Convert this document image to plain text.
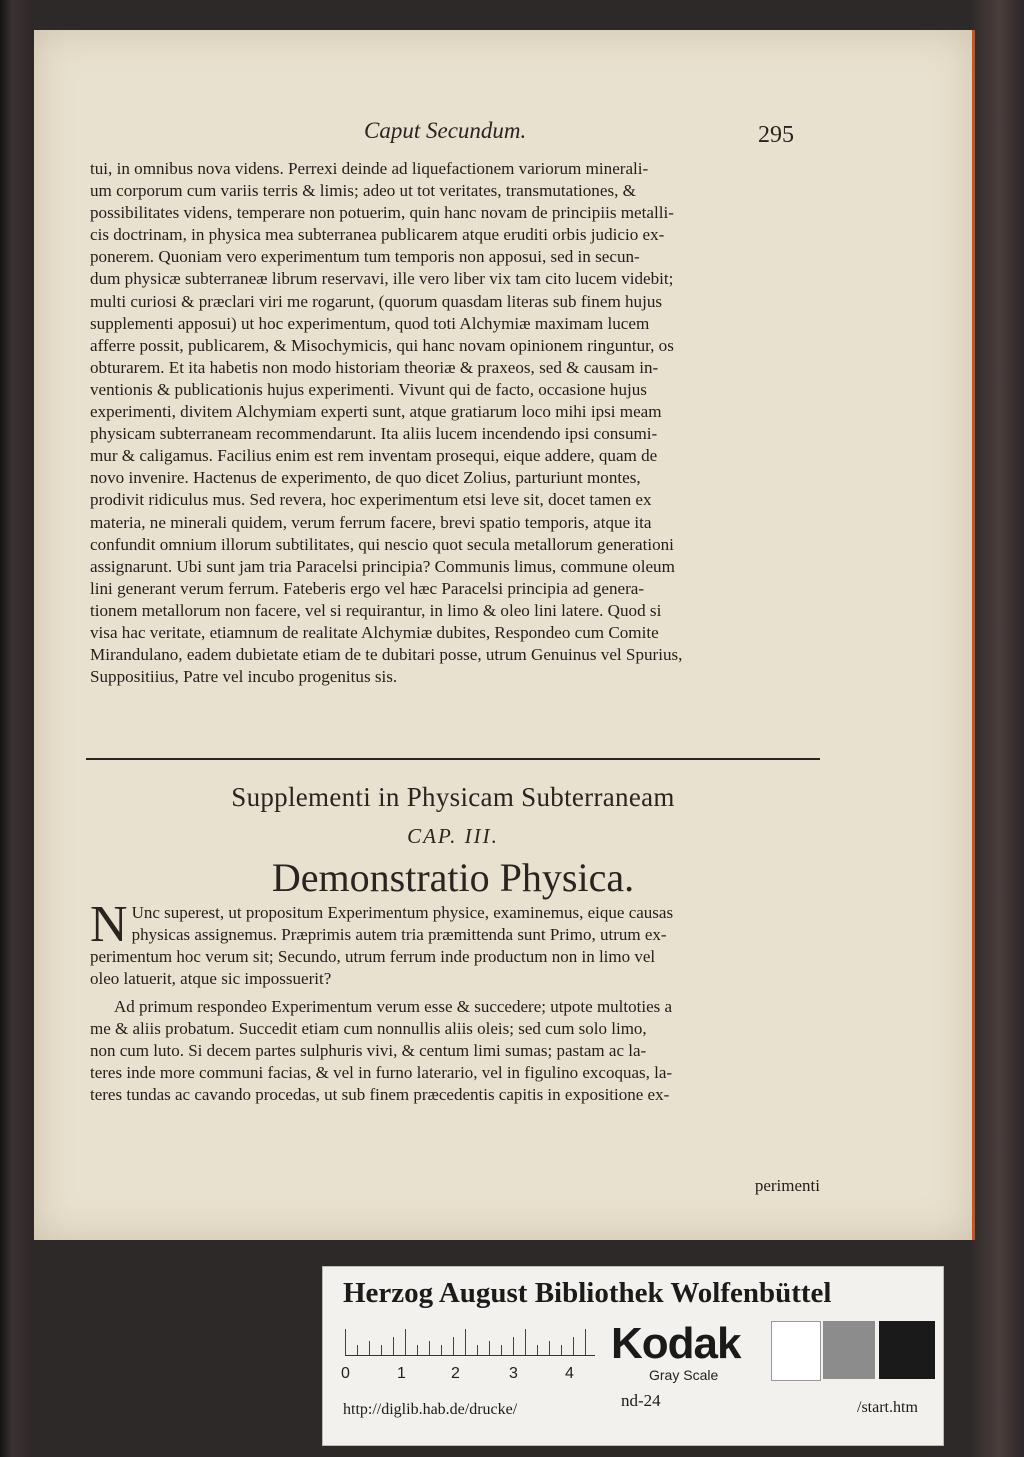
Caput Secundum.	295

tui, in omnibus nova videns. Perrexi deinde ad liquefactionem variorum minerali-

um corporum cum variis terris & limis; adeo ut tot veritates, transmutationes, &

possibilitates videns, temperare non potuerim, quin hanc novam de principiis metalli-

cis doctrinam, in physica mea subterranea publicarem atque eruditi orbis judicio ex-

ponerem. Quoniam vero experimentum tum temporis non apposui, sed in secun-

dum physicæ subterraneæ librum reservavi, ille vero liber vix tam cito lucem videbit;

multi curiosi & præclari viri me rogarunt, (quorum quasdam literas sub finem hujus

supplementi apposui) ut hoc experimentum, quod toti Alchymiæ maximam lucem

afferre possit, publicarem, & Misochymicis, qui hanc novam opinionem ringuntur, os

obturarem. Et ita habetis non modo historiam theoriæ & praxeos, sed & causam in-

ventionis & publicationis hujus experimenti. Vivunt qui de facto, occasione hujus

experimenti, divitem Alchymiam experti sunt, atque gratiarum loco mihi ipsi meam

physicam subterraneam recommendarunt. Ita aliis lucem incendendo ipsi consumi-

mur & caligamus. Facilius enim est rem inventam prosequi, eique addere, quam de

novo invenire. Hactenus de experimento, de quo dicet Zolius, parturiunt montes,

prodivit ridiculus mus. Sed revera, hoc experimentum etsi leve sit, docet tamen ex

materia, ne minerali quidem, verum ferrum facere, brevi spatio temporis, atque ita

confundit omnium illorum subtilitates, qui nescio quot secula metallorum generationi

assignarunt. Ubi sunt jam tria Paracelsi principia? Communis limus, commune oleum

lini generant verum ferrum. Fateberis ergo vel hæc Paracelsi principia ad genera-

tionem metallorum non facere, vel si requirantur, in limo & oleo lini latere. Quod si

visa hac veritate, etiamnum de realitate Alchymiæ dubites, Respondeo cum Comite

Mirandulano, eadem dubietate etiam de te dubitari posse, utrum Genuinus vel Spurius,

Suppositiius, Patre vel incubo progenitus sis.

Supplementi in Physicam Subterraneam
CAP. III.
Demonstratio Physica.
N Unc superest, ut propositum Experimentum physice, examinemus, eique causas

physicas assignemus. Præprimis autem tria præmittenda sunt Primo, utrum ex-

perimentum hoc verum sit; Secundo, utrum ferrum inde productum non in limo vel

oleo latuerit, atque sic impossuerit?

Ad primum respondeo Experimentum verum esse & succedere; utpote multoties a

me & aliis probatum. Succedit etiam cum nonnullis aliis oleis; sed cum solo limo,

non cum luto. Si decem partes sulphuris vivi, & centum limi sumas; pastam ac la-

teres inde more communi facias, & vel in furno laterario, vel in figulino excoquas, la-

teres tundas ac cavando procedas, ut sub finem præcedentis capitis in expositione ex-

perimenti
Herzog August Bibliothek Wolfenbüttel
0	1	2	3	4
Kodak
Gray Scale
http://diglib.hab.de/drucke/	nd-24	/start.htm
